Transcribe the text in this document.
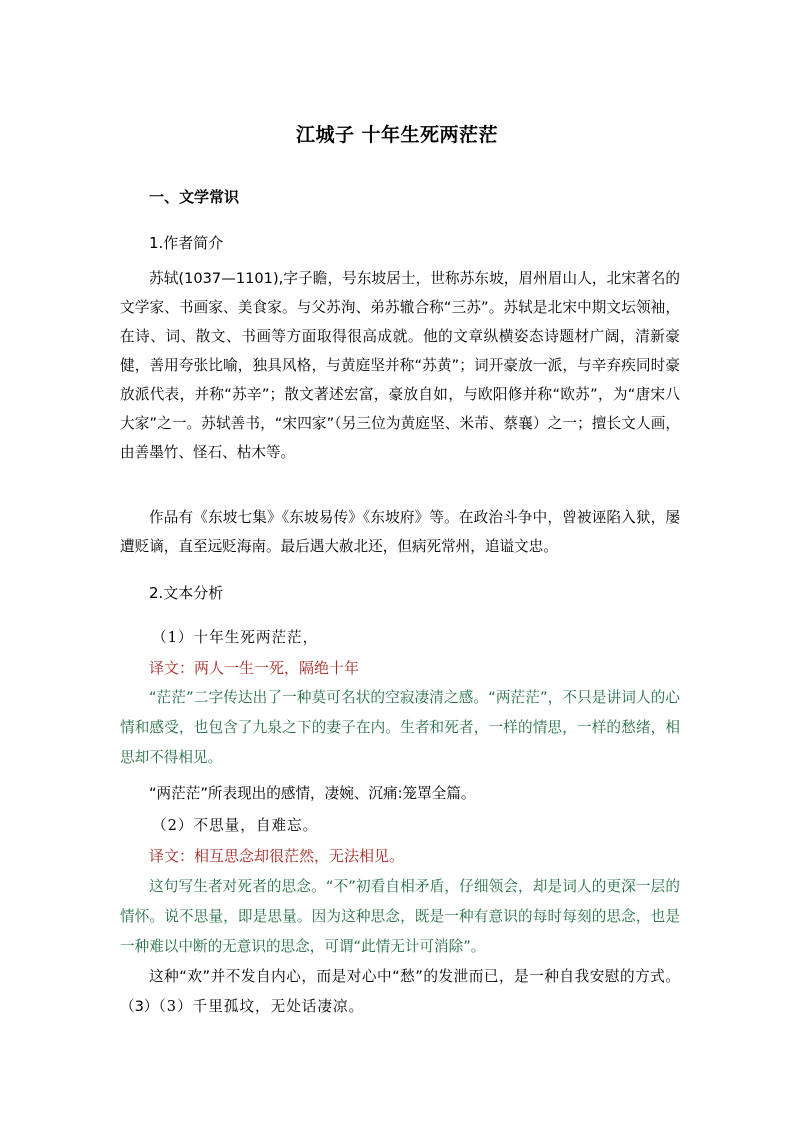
江城子 十年生死两茫茫
一、文学常识
1.作者简介

苏轼(1037—1101),字子瞻，号东坡居士，世称苏东坡，眉州眉山人，北宋著名的文学家、书画家、美食家。与父苏洵、弟苏辙合称“三苏”。苏轼是北宋中期文坛领袖，在诗、词、散文、书画等方面取得很高成就。他的文章纵横姿态诗题材广阔，清新豪健，善用夸张比喻，独具风格，与黄庭坚并称“苏黄”；词开豪放一派，与辛弃疾同时豪放派代表，并称“苏辛”；散文著述宏富，豪放自如，与欧阳修并称“欧苏”，为“唐宋八大家”之一。苏轼善书，“宋四家”（另三位为黄庭坚、米芾、蔡襄）之一；擅长文人画，由善墨竹、怪石、枯木等。

作品有《东坡七集》《东坡易传》《东坡府》等。在政治斗争中，曾被诬陷入狱，屡遭贬谪，直至远贬海南。最后遇大赦北还，但病死常州，追谥文忠。

2.文本分析
（1）十年生死两茫茫，
译文：两人一生一死，隔绝十年

“茫茫”二字传达出了一种莫可名状的空寂凄清之感。“两茫茫”，不只是讲词人的心情和感受，也包含了九泉之下的妻子在内。生者和死者，一样的情思，一样的愁绪，相思却不得相见。

“两茫茫”所表现出的感情，凄婉、沉痛:笼罩全篇。
（2）不思量，自难忘。
译文：相互思念却很茫然，无法相见。

这句写生者对死者的思念。“不”初看自相矛盾，仔细领会，却是词人的更深一层的情怀。说不思量，即是思量。因为这种思念，既是一种有意识的每时每刻的思念，也是一种难以中断的无意识的思念，可谓“此情无计可消除”。

这种“欢”并不发自内心，而是对心中“愁”的发泄而已，是一种自我安慰的方式。（3）（3）千里孤坟，无处话凄凉。
